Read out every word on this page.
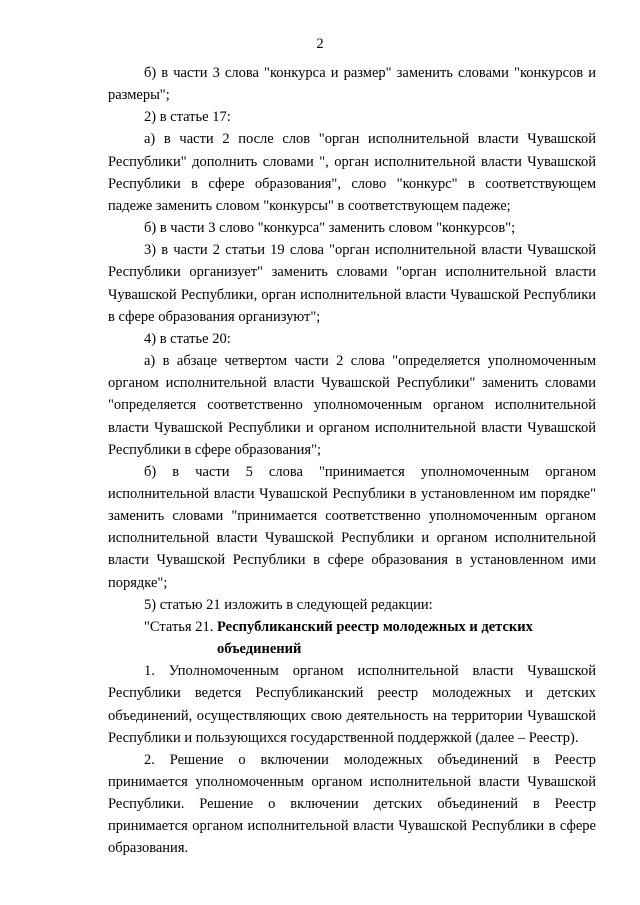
2

б) в части 3 слова "конкурса и размер" заменить словами "конкурсов и размеры";

2) в статье 17:

а) в части 2 после слов "орган исполнительной власти Чувашской Республики" дополнить словами ", орган исполнительной власти Чувашской Республики в сфере образования", слово "конкурс" в соответствующем падеже заменить словом "конкурсы" в соответствующем падеже;

б) в части 3 слово "конкурса" заменить словом "конкурсов";

3) в части 2 статьи 19 слова "орган исполнительной власти Чувашской Республики организует" заменить словами "орган исполнительной власти Чувашской Республики, орган исполнительной власти Чувашской Республики в сфере образования организуют";

4) в статье 20:

а) в абзаце четвертом части 2 слова "определяется уполномоченным органом исполнительной власти Чувашской Республики" заменить словами "определяется соответственно уполномоченным органом исполнительной власти Чувашской Республики и органом исполнительной власти Чувашской Республики в сфере образования";

б) в части 5 слова "принимается уполномоченным органом исполнительной власти Чувашской Республики в установленном им порядке" заменить словами "принимается соответственно уполномоченным органом исполнительной власти Чувашской Республики и органом исполнительной власти Чувашской Республики в сфере образования в установленном ими порядке";

5) статью 21 изложить в следующей редакции:

"Статья 21. Республиканский реестр молодежных и детских объединений

1. Уполномоченным органом исполнительной власти Чувашской Республики ведется Республиканский реестр молодежных и детских объединений, осуществляющих свою деятельность на территории Чувашской Республики и пользующихся государственной поддержкой (далее – Реестр).

2. Решение о включении молодежных объединений в Реестр принимается уполномоченным органом исполнительной власти Чувашской Республики. Решение о включении детских объединений в Реестр принимается органом исполнительной власти Чувашской Республики в сфере образования.
